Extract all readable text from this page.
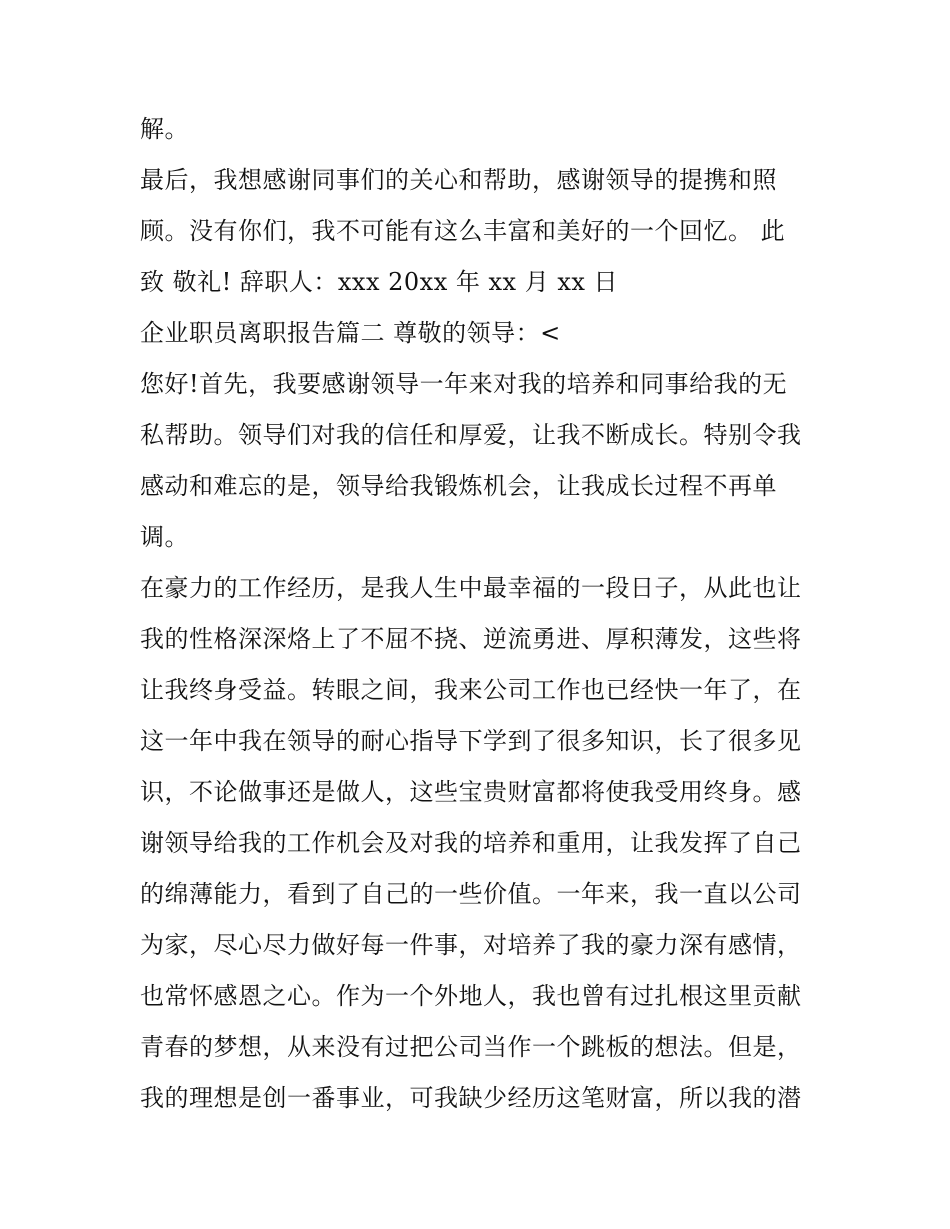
解。
最后，我想感谢同事们的关心和帮助，感谢领导的提携和照
顾。没有你们，我不可能有这么丰富和美好的一个回忆。 此
致 敬礼! 辞职人：xxx 20xx 年 xx 月 xx 日
企业职员离职报告篇二 尊敬的领导：<
您好!首先，我要感谢领导一年来对我的培养和同事给我的无
私帮助。领导们对我的信任和厚爱，让我不断成长。特别令我
感动和难忘的是，领导给我锻炼机会，让我成长过程不再单
调。
在豪力的工作经历，是我人生中最幸福的一段日子，从此也让
我的性格深深烙上了不屈不挠、逆流勇进、厚积薄发，这些将
让我终身受益。转眼之间，我来公司工作也已经快一年了，在
这一年中我在领导的耐心指导下学到了很多知识，长了很多见
识，不论做事还是做人，这些宝贵财富都将使我受用终身。感
谢领导给我的工作机会及对我的培养和重用，让我发挥了自己
的绵薄能力，看到了自己的一些价值。一年来，我一直以公司
为家，尽心尽力做好每一件事，对培养了我的豪力深有感情，
也常怀感恩之心。作为一个外地人，我也曾有过扎根这里贡献
青春的梦想，从来没有过把公司当作一个跳板的想法。但是，
我的理想是创一番事业，可我缺少经历这笔财富，所以我的潜
